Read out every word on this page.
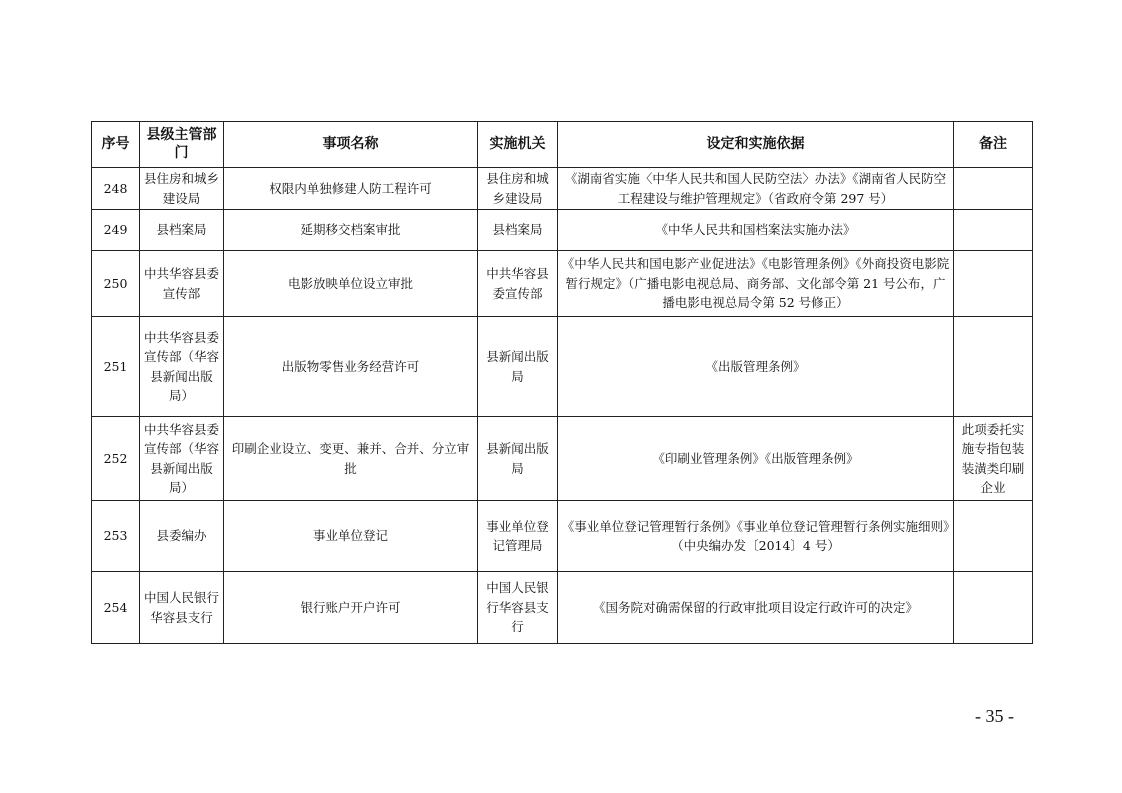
序号	县级主管部门	事项名称	实施机关	设定和实施依据	备注
248	县住房和城乡建设局	权限内单独修建人防工程许可	县住房和城乡建设局	《湖南省实施〈中华人民共和国人民防空法〉办法》《湖南省人民防空工程建设与维护管理规定》（省政府令第 297 号）	
249	县档案局	延期移交档案审批	县档案局	《中华人民共和国档案法实施办法》	
250	中共华容县委宣传部	电影放映单位设立审批	中共华容县委宣传部	《中华人民共和国电影产业促进法》《电影管理条例》《外商投资电影院暂行规定》（广播电影电视总局、商务部、文化部令第 21 号公布，广播电影电视总局令第 52 号修正）	
251	中共华容县委宣传部（华容县新闻出版局）	出版物零售业务经营许可	县新闻出版局	《出版管理条例》	
252	中共华容县委宣传部（华容县新闻出版局）	印刷企业设立、变更、兼并、合并、分立审批	县新闻出版局	《印刷业管理条例》《出版管理条例》	此项委托实施专指包装装潢类印刷企业
253	县委编办	事业单位登记	事业单位登记管理局	《事业单位登记管理暂行条例》《事业单位登记管理暂行条例实施细则》（中央编办发〔2014〕4 号）	
254	中国人民银行华容县支行	银行账户开户许可	中国人民银行华容县支行	《国务院对确需保留的行政审批项目设定行政许可的决定》	
- 35 -
